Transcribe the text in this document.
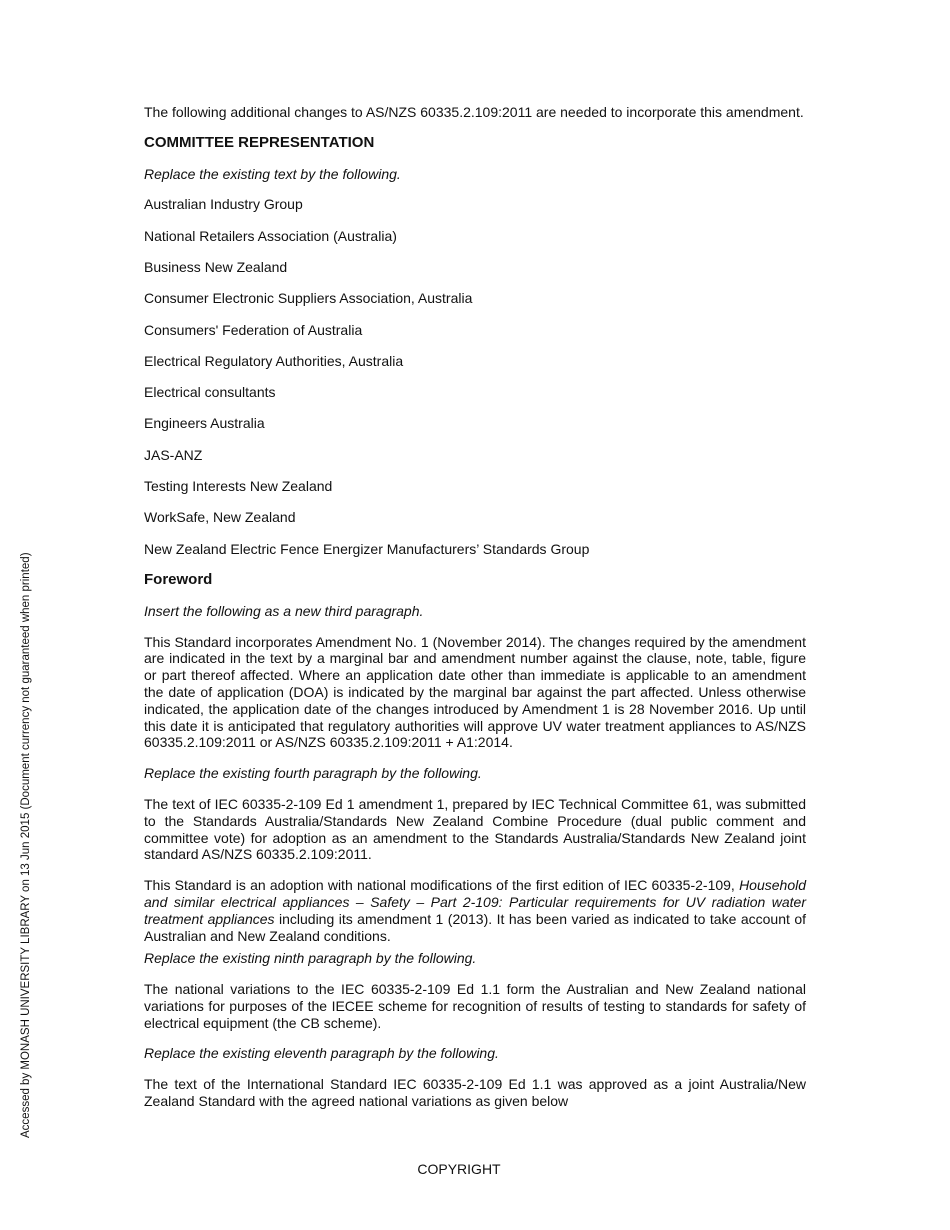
The following additional changes to AS/NZS 60335.2.109:2011 are needed to incorporate this amendment.

COMMITTEE REPRESENTATION

Replace the existing text by the following.

Australian Industry Group

National Retailers Association (Australia)

Business New Zealand

Consumer Electronic Suppliers Association, Australia

Consumers' Federation of Australia

Electrical Regulatory Authorities, Australia

Electrical consultants

Engineers Australia

JAS-ANZ

Testing Interests New Zealand

WorkSafe, New Zealand

New Zealand Electric Fence Energizer Manufacturers’ Standards Group

Foreword

Insert the following as a new third paragraph.

This Standard incorporates Amendment No. 1 (November 2014). The changes required by the amendment are indicated in the text by a marginal bar and amendment number against the clause, note, table, figure or part thereof affected. Where an application date other than immediate is applicable to an amendment the date of application (DOA) is indicated by the marginal bar against the part affected. Unless otherwise indicated, the application date of the changes introduced by Amendment 1 is 28 November 2016. Up until this date it is anticipated that regulatory authorities will approve UV water treatment appliances to AS/NZS 60335.2.109:2011 or AS/NZS 60335.2.109:2011 + A1:2014.

Replace the existing fourth paragraph by the following.

The text of IEC 60335-2-109 Ed 1 amendment 1, prepared by IEC Technical Committee 61, was submitted to the Standards Australia/Standards New Zealand Combine Procedure (dual public comment and committee vote) for adoption as an amendment to the Standards Australia/Standards New Zealand joint standard AS/NZS 60335.2.109:2011.

This Standard is an adoption with national modifications of the first edition of IEC 60335-2-109, Household and similar electrical appliances – Safety – Part 2-109: Particular requirements for UV radiation water treatment appliances including its amendment 1 (2013). It has been varied as indicated to take account of Australian and New Zealand conditions.

Replace the existing ninth paragraph by the following.

The national variations to the IEC 60335-2-109 Ed 1.1 form the Australian and New Zealand national variations for purposes of the IECEE scheme for recognition of results of testing to standards for safety of electrical equipment (the CB scheme).

Replace the existing eleventh paragraph by the following.

The text of the International Standard IEC 60335-2-109 Ed 1.1 was approved as a joint Australia/New Zealand Standard with the agreed national variations as given below

COPYRIGHT
Accessed by MONASH UNIVERSITY LIBRARY on 13 Jun 2015 (Document currency not guaranteed when printed)
